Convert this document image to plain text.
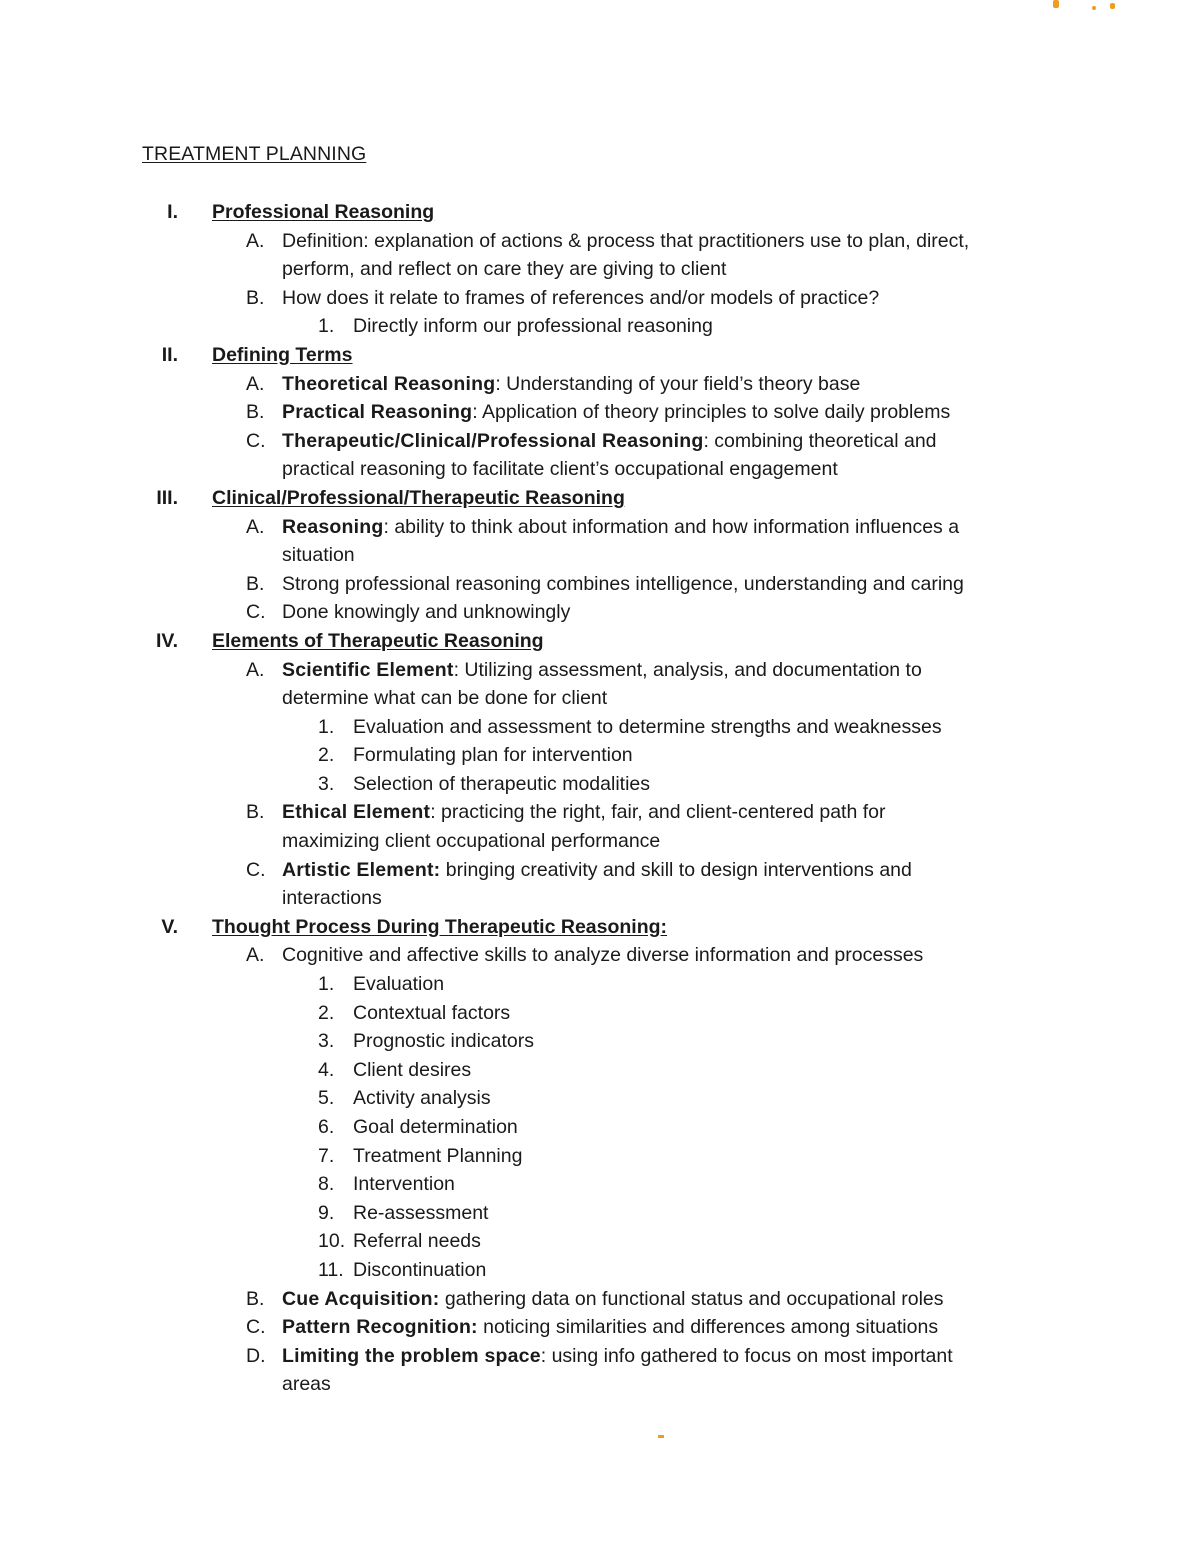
TREATMENT PLANNING
I. Professional Reasoning
A. Definition: explanation of actions & process that practitioners use to plan, direct,
perform, and reflect on care they are giving to client
B. How does it relate to frames of references and/or models of practice?
1. Directly inform our professional reasoning
II. Defining Terms
A. Theoretical Reasoning: Understanding of your field’s theory base
B. Practical Reasoning: Application of theory principles to solve daily problems
C. Therapeutic/Clinical/Professional Reasoning: combining theoretical and
practical reasoning to facilitate client’s occupational engagement
III. Clinical/Professional/Therapeutic Reasoning
A. Reasoning: ability to think about information and how information influences a
situation
B. Strong professional reasoning combines intelligence, understanding and caring
C. Done knowingly and unknowingly
IV. Elements of Therapeutic Reasoning
A. Scientific Element: Utilizing assessment, analysis, and documentation to
determine what can be done for client
1. Evaluation and assessment to determine strengths and weaknesses
2. Formulating plan for intervention
3. Selection of therapeutic modalities
B. Ethical Element: practicing the right, fair, and client-centered path for
maximizing client occupational performance
C. Artistic Element: bringing creativity and skill to design interventions and
interactions
V. Thought Process During Therapeutic Reasoning:
A. Cognitive and affective skills to analyze diverse information and processes
1. Evaluation
2. Contextual factors
3. Prognostic indicators
4. Client desires
5. Activity analysis
6. Goal determination
7. Treatment Planning
8. Intervention
9. Re-assessment
10. Referral needs
11. Discontinuation
B. Cue Acquisition: gathering data on functional status and occupational roles
C. Pattern Recognition: noticing similarities and differences among situations
D. Limiting the problem space: using info gathered to focus on most important
areas
